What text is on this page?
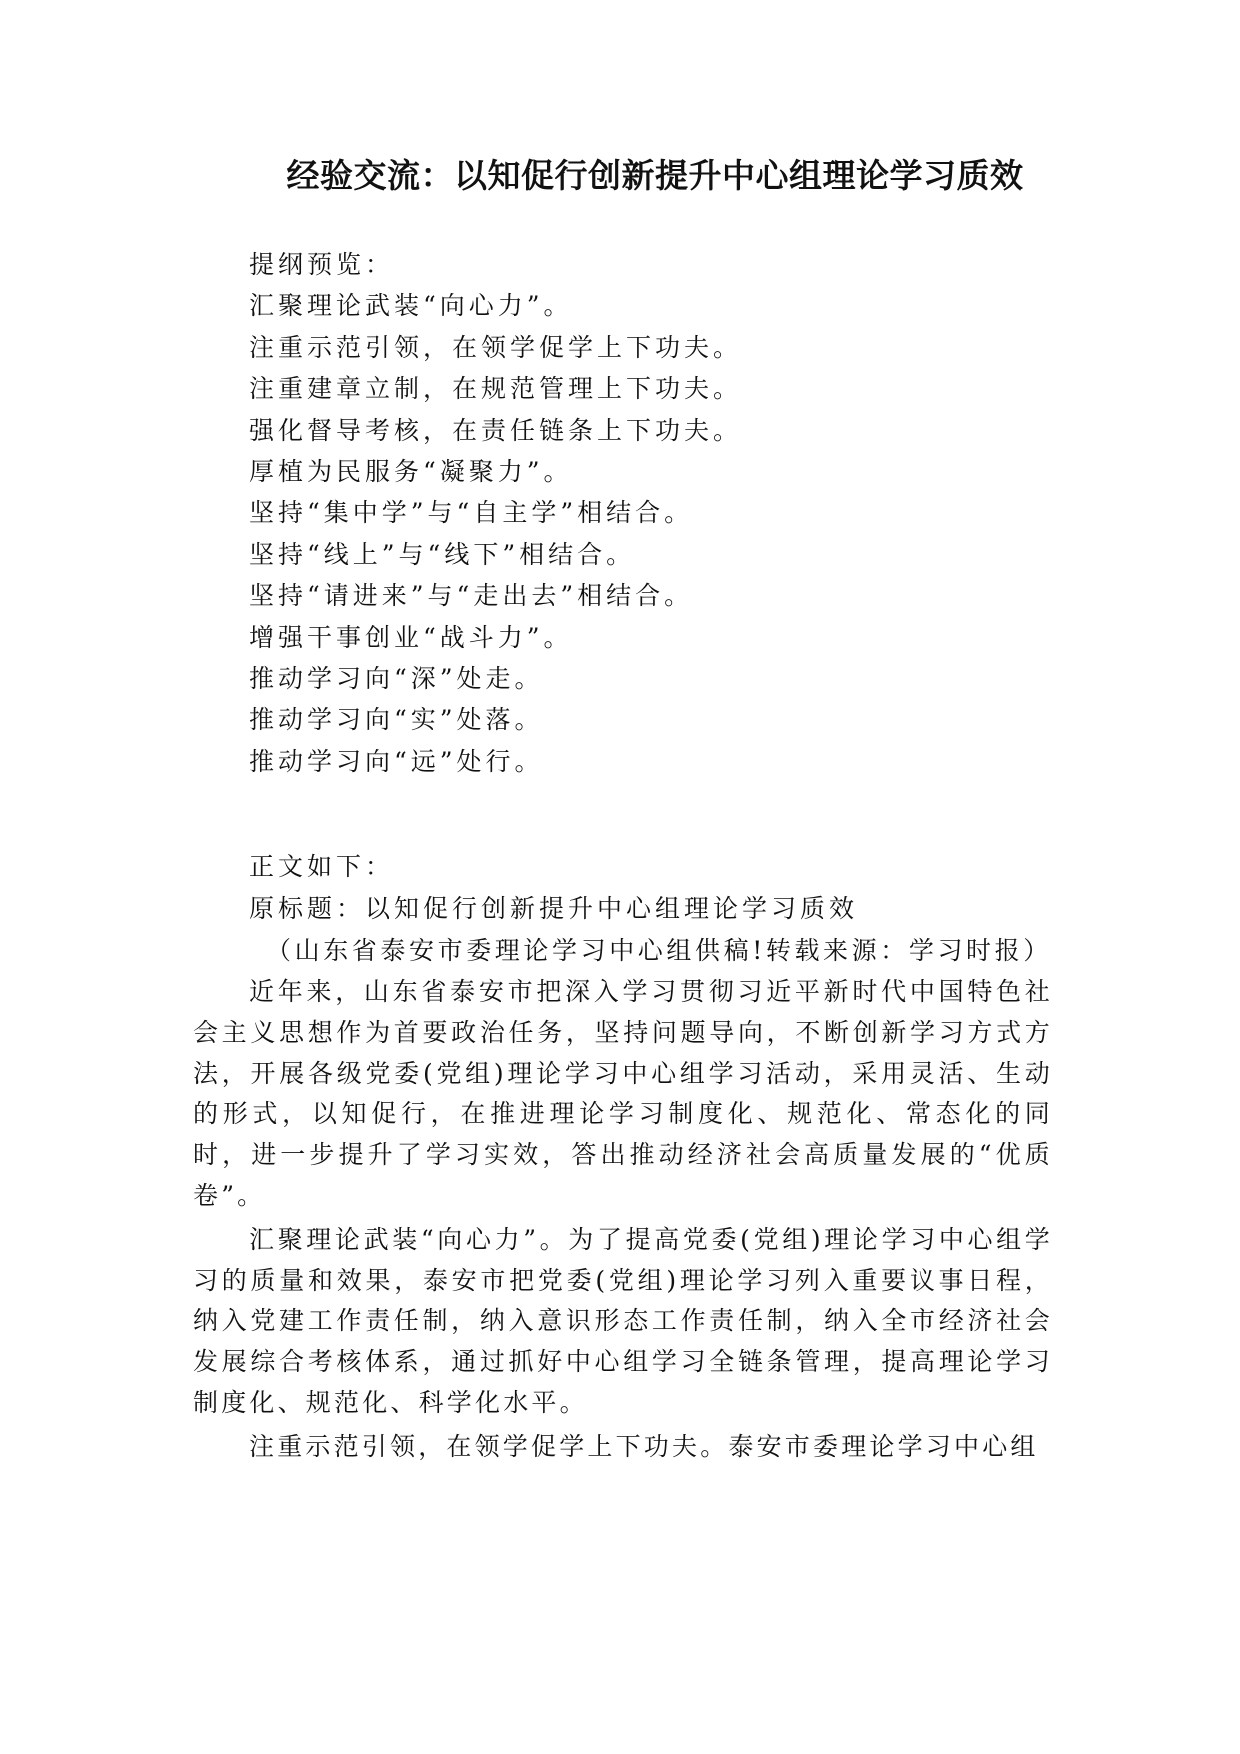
经验交流：以知促行创新提升中心组理论学习质效
提纲预览：
汇聚理论武装“向心力”。
注重示范引领，在领学促学上下功夫。
注重建章立制，在规范管理上下功夫。
强化督导考核，在责任链条上下功夫。
厚植为民服务“凝聚力”。
坚持“集中学”与“自主学”相结合。
坚持“线上”与“线下”相结合。
坚持“请进来”与“走出去”相结合。
增强干事创业“战斗力”。
推动学习向“深”处走。
推动学习向“实”处落。
推动学习向“远”处行。
正文如下：
原标题：以知促行创新提升中心组理论学习质效
（山东省泰安市委理论学习中心组供稿!转载来源：学习时报）

近年来，山东省泰安市把深入学习贯彻习近平新时代中国特色社会主义思想作为首要政治任务，坚持问题导向，不断创新学习方式方法，开展各级党委(党组)理论学习中心组学习活动，采用灵活、生动的形式，以知促行，在推进理论学习制度化、规范化、常态化的同时，进一步提升了学习实效，答出推动经济社会高质量发展的“优质卷”。

汇聚理论武装“向心力”。为了提高党委(党组)理论学习中心组学习的质量和效果，泰安市把党委(党组)理论学习列入重要议事日程，纳入党建工作责任制，纳入意识形态工作责任制，纳入全市经济社会发展综合考核体系，通过抓好中心组学习全链条管理，提高理论学习制度化、规范化、科学化水平。

注重示范引领，在领学促学上下功夫。泰安市委理论学习中心组
